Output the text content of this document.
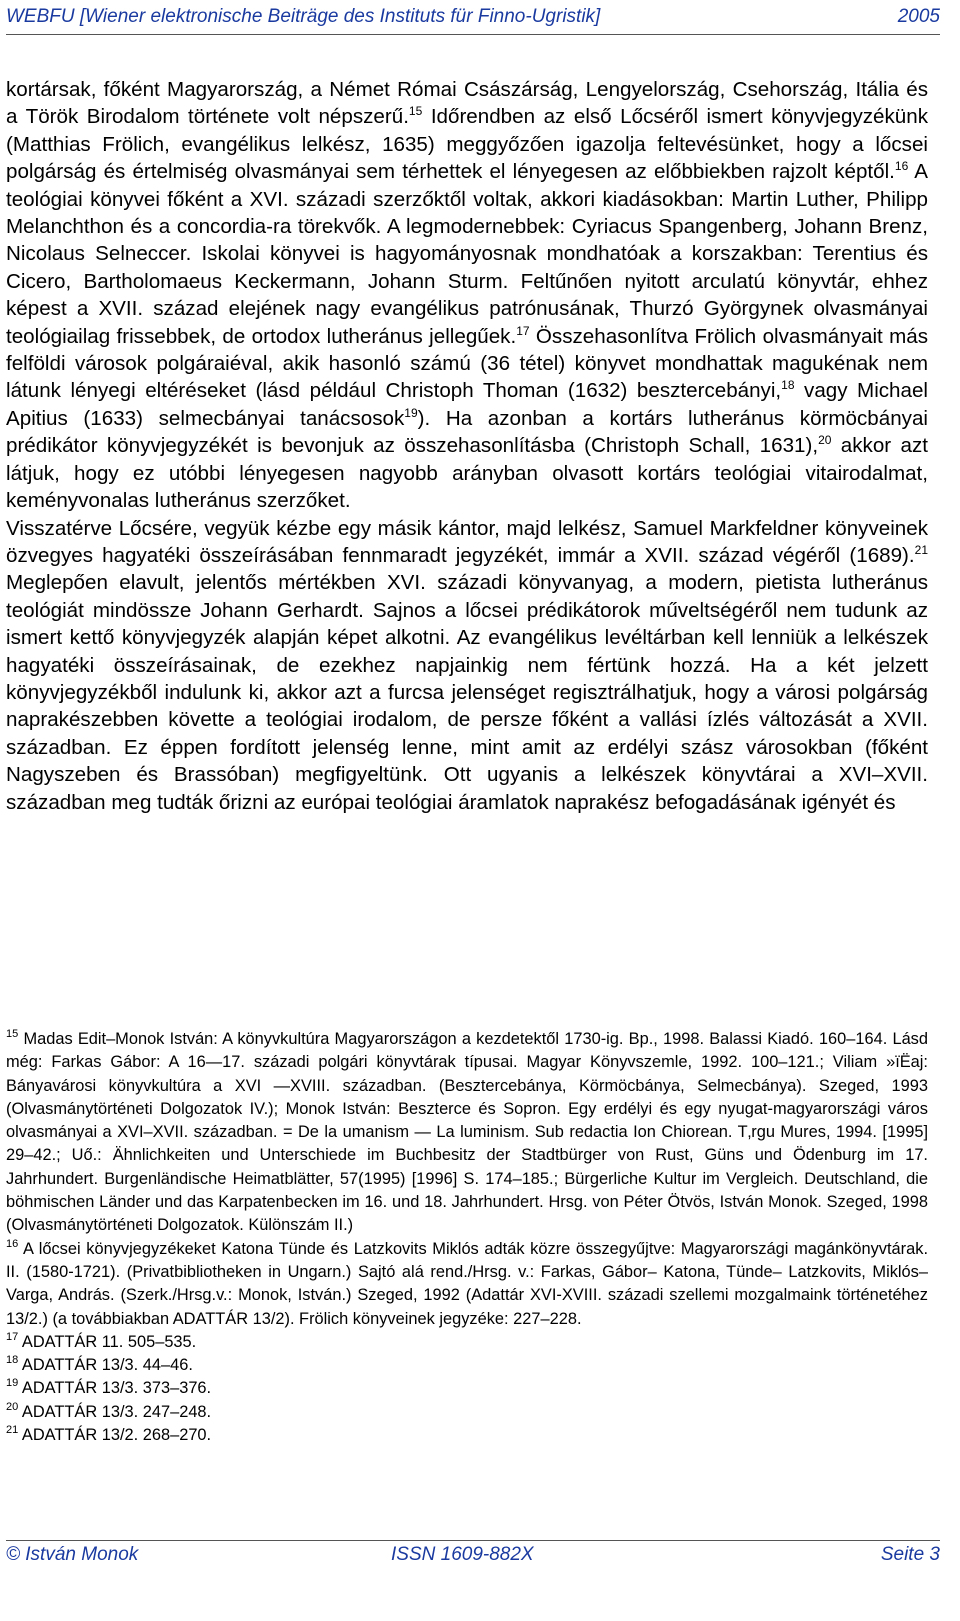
WEBFU [Wiener elektronische Beiträge des Instituts für Finno-Ugristik]	2005

kortársak, főként Magyarország, a Német Római Császárság, Lengyelország, Csehország, Itália és a Török Birodalom története volt népszerű.$^{15}$ Időrendben az első Lőcséről ismert könyvjegyzékünk (Matthias Frölich, evangélikus lelkész, 1635) meggyőzően igazolja feltevésünket, hogy a lőcsei polgárság és értelmiség olvasmányai sem térhettek el lényegesen az előbbiekben rajzolt képtől.$^{16}$ A teológiai könyvei főként a XVI. századi szerzőktől voltak, akkori kiadásokban: Martin Luther, Philipp Melanchthon és a concordia-ra törekvők. A legmodernebbek: Cyriacus Spangenberg, Johann Brenz, Nicolaus Selneccer. Iskolai könyvei is hagyományosnak mondhatóak a korszakban: Terentius és Cicero, Bartholomaeus Keckermann, Johann Sturm. Feltűnően nyitott arculatú könyvtár, ehhez képest a XVII. század elejének nagy evangélikus patrónusának, Thurzó Györgynek olvasmányai teológiailag frissebbek, de ortodox lutheránus jellegűek.$^{17}$ Összehasonlítva Frölich olvasmányait más felföldi városok polgáraiéval, akik hasonló számú (36 tétel) könyvet mondhattak magukénak nem látunk lényegi eltéréseket (lásd például Christoph Thoman (1632) besztercebányi,$^{18}$ vagy Michael Apitius (1633) selmecbányai tanácsosok$^{19}$). Ha azonban a kortárs lutheránus körmöcbányai prédikátor könyvjegyzékét is bevonjuk az összehasonlításba (Christoph Schall, 1631),$^{20}$ akkor azt látjuk, hogy ez utóbbi lényegesen nagyobb arányban olvasott kortárs teológiai vitairodalmat, keményvonalas lutheránus szerzőket.

Visszatérve Lőcsére, vegyük kézbe egy másik kántor, majd lelkész, Samuel Markfeldner könyveinek özvegyes hagyatéki összeírásában fennmaradt jegyzékét, immár a XVII. század végéről (1689).$^{21}$ Meglepően elavult, jelentős mértékben XVI. századi könyvanyag, a modern, pietista lutheránus teológiát mindössze Johann Gerhardt. Sajnos a lőcsei prédikátorok műveltségéről nem tudunk az ismert kettő könyvjegyzék alapján képet alkotni. Az evangélikus levéltárban kell lenniük a lelkészek hagyatéki összeírásainak, de ezekhez napjainkig nem fértünk hozzá. Ha a két jelzett könyvjegyzékből indulunk ki, akkor azt a furcsa jelenséget regisztrálhatjuk, hogy a városi polgárság naprakészebben követte a teológiai irodalom, de persze főként a vallási ízlés változását a XVII. században. Ez éppen fordított jelenség lenne, mint amit az erdélyi szász városokban (főként Nagyszeben és Brassóban) megfigyeltünk. Ott ugyanis a lelkészek könyvtárai a XVI–XVII. században meg tudták őrizni az európai teológiai áramlatok naprakész befogadásának igényét és

$^{15}$ Madas Edit–Monok István: A könyvkultúra Magyarországon a kezdetektől 1730-ig. Bp., 1998. Balassi Kiadó. 160–164. Lásd még: Farkas Gábor: A 16—17. századi polgári könyvtárak típusai. Magyar Könyvszemle, 1992. 100–121.; Viliam »ïËaj: Bányavárosi könyvkultúra a XVI —XVIII. században. (Besztercebánya, Körmöcbánya, Selmecbánya). Szeged, 1993 (Olvasmánytörténeti Dolgozatok IV.); Monok István: Beszterce és Sopron. Egy erdélyi és egy nyugat-magyarországi város olvasmányai a XVI–XVII. században. = De la umanism — La luminism. Sub redactia Ion Chiorean. T‚rgu Mures, 1994. [1995] 29–42.; Uő.: Ähnlichkeiten und Unterschiede im Buchbesitz der Stadtbürger von Rust, Güns und Ödenburg im 17. Jahrhundert. Burgenländische Heimatblätter, 57(1995) [1996] S. 174–185.; Bürgerliche Kultur im Vergleich. Deutschland, die böhmischen Länder und das Karpatenbecken im 16. und 18. Jahrhundert. Hrsg. von Péter Ötvös, István Monok. Szeged, 1998 (Olvasmánytörténeti Dolgozatok. Különszám II.)

$^{16}$ A lőcsei könyvjegyzékeket Katona Tünde és Latzkovits Miklós adták közre összegyűjtve: Magyarországi magánkönyvtárak. II. (1580-1721). (Privatbibliotheken in Ungarn.) Sajtó alá rend./Hrsg. v.: Farkas, Gábor– Katona, Tünde– Latzkovits, Miklós– Varga, András. (Szerk./Hrsg.v.: Monok, István.) Szeged, 1992 (Adattár XVI-XVIII. századi szellemi mozgalmaink történetéhez 13/2.) (a továbbiakban ADATTÁR 13/2). Frölich könyveinek jegyzéke: 227–228.

$^{17}$ ADATTÁR 11. 505–535.

$^{18}$ ADATTÁR 13/3. 44–46.

$^{19}$ ADATTÁR 13/3. 373–376.

$^{20}$ ADATTÁR 13/3. 247–248.

$^{21}$ ADATTÁR 13/2. 268–270.

© István Monok	ISSN 1609-882X	Seite 3
